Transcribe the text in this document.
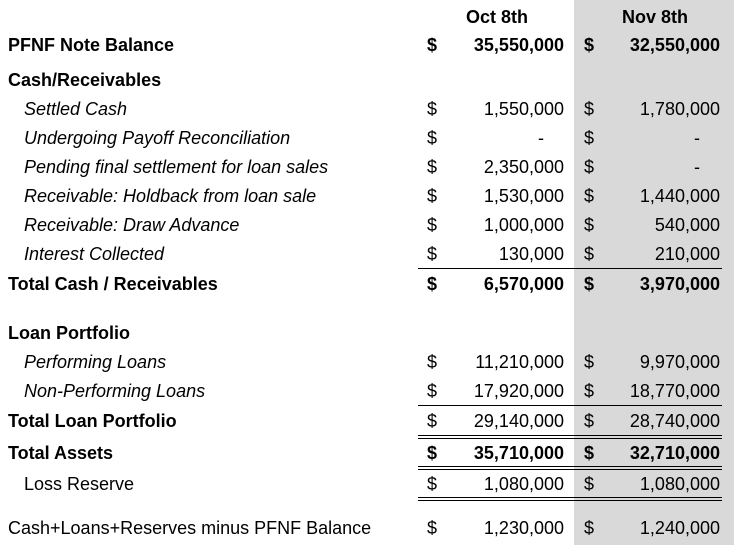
Oct 8th	Nov 8th
PFNF Note Balance	$	35,550,000 $	32,550,000
Cash/Receivables
Settled Cash	$	1,550,000 $	1,780,000
Undergoing Payoff Reconciliation	$	-	$	-
Pending final settlement for loan sales	$	2,350,000 $	-
Receivable: Holdback from loan sale	$	1,530,000 $	1,440,000
Receivable: Draw Advance	$	1,000,000 $	540,000
Interest Collected	$	130,000 $	210,000
Total Cash / Receivables	$	6,570,000 $	3,970,000
Loan Portfolio
Performing Loans	$	11,210,000 $	9,970,000
Non-Performing Loans	$	17,920,000 $	18,770,000
Total Loan Portfolio	$	29,140,000 $	28,740,000
Total Assets	$	35,710,000 $	32,710,000
Loss Reserve	$	1,080,000 $	1,080,000
Cash+Loans+Reserves minus PFNF Balance	$	1,230,000 $	1,240,000
